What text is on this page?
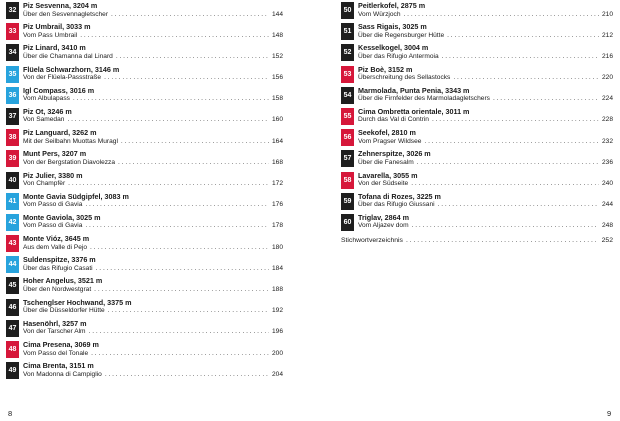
32
Piz Sesvenna, 3204 m
Über den Sesvennagletscher . . .	144
33
Piz Umbrail, 3033 m
Vom Pass Umbrail . . .	148
34
Piz Linard, 3410 m
Über die Chamanna dal Linard . . .	152
35
Flüela Schwarzhorn, 3146 m
Von der Flüela-Passstraße . . .	156
36
Igl Compass, 3016 m
Vom Albulapass . . .	158
37
Piz Ot, 3246 m
Von Samedan . . .	160
38
Piz Languard, 3262 m
Mit der Seilbahn Muottas Muragl . . .	164
39
Munt Pers, 3207 m
Von der Bergstation Diavolezza . . .	168
40
Piz Julier, 3380 m
Von Champfèr . . .	172
41
Monte Gavia Südgipfel, 3083 m
Vom Passo di Gavia . . .	176
42
Monte Gaviola, 3025 m
Vom Passo di Gavia . . .	178
43
Monte Vióz, 3645 m
Aus dem Valle di Pejo . . .	180
44
Suldenspitze, 3376 m
Über das Rifugio Casati . . .	184
45
Hoher Angelus, 3521 m
Über den Nordwestgrat . . .	188
46
Tschenglser Hochwand, 3375 m
Über die Düsseldorfer Hütte . . .	192
47
Hasenöhrl, 3257 m
Von der Tarscher Alm . . .	196
48
Cima Presena, 3069 m
Vom Passo del Tonale . . .	200
49
Cima Brenta, 3151 m
Von Madonna di Campiglio . . .	204
50
Peitlerkofel, 2875 m
Vom Würzjoch . . .	210
51
Sass Rigais, 3025 m
Über die Regensburger Hütte . . .	212
52
Kesselkogel, 3004 m
Über das Rifugio Antermoia . . .	216
53
Piz Boè, 3152 m
Überschreitung des Sellastocks . . .	220
54
Marmolada, Punta Penia, 3343 m
Über die Firnfelder des Marmoladagletschers . . .	224
55
Cima Ombretta orientale, 3011 m
Durch das Val di Contrin . . .	228
56
Seekofel, 2810 m
Vom Pragser Wildsee . . .	232
57
Zehnerspitze, 3026 m
Über die Fanesalm . . .	236
58
Lavarella, 3055 m
Von der Südseite . . .	240
59
Tofana di Rozes, 3225 m
Über das Rifugio Giussani . . .	244
60
Triglav, 2864 m
Vom Aljazev dom . . .	248
Stichwortverzeichnis . . .	252
8	9
